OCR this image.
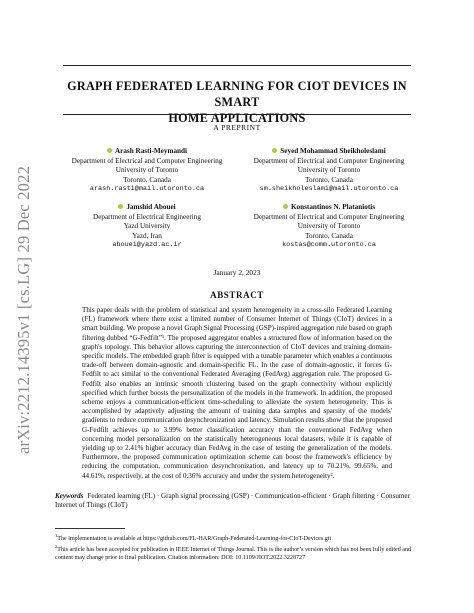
arXiv:2212.14395v1 [cs.LG] 29 Dec 2022
GRAPH FEDERATED LEARNING FOR CIOT DEVICES IN SMART
HOME APPLICATIONS
A PREPRINT
Arash Rasti-Meymandi
Department of Electrical and Computer Engineering
University of Toronto
Toronto, Canada
arash.rasti@mail.utoronto.ca
Seyed Mohammad Sheikholeslami
Department of Electrical and Computer Engineering
University of Toronto
Toronto, Canada
sm.sheikholeslami@mail.utoronto.ca
Jamshid Abouei
Department of Electrical Engineering
Yazd University
Yazd, Iran
abouei@yazd.ac.ir
Konstantinos N. Plataniotis
Department of Electrical and Computer Engineering
University of Toronto
Toronto, Canada
kostas@comm.utoronto.ca
January 2, 2023
ABSTRACT
This paper deals with the problem of statistical and system heterogeneity in a cross-silo Federated Learning (FL) framework where there exist a limited number of Consumer Internet of Things (CIoT) devices in a smart building. We propose a novel Graph Signal Processing (GSP)-inspired aggregation rule based on graph filtering dubbed “G-Fedfilt”¹. The proposed aggregator enables a structured flow of information based on the graph's topology. This behavior allows capturing the interconnection of CIoT devices and training domain-specific models. The embedded graph filter is equipped with a tunable parameter which enables a continuous trade-off between domain-agnostic and domain-specific FL. In the case of domain-agnostic, it forces G-Fedfilt to act similar to the conventional Federated Averaging (FedAvg) aggregation rule. The proposed G-Fedfilt also enables an intrinsic smooth clustering based on the graph connectivity without explicitly specified which further boosts the personalization of the models in the framework. In addition, the proposed scheme enjoys a communication-efficient time-scheduling to alleviate the system heterogeneity. This is accomplished by adaptively adjusting the amount of training data samples and sparsity of the models' gradients to reduce communication desynchronization and latency. Simulation results show that the proposed G-Fedfilt achieves up to 3.99% better classification accuracy than the conventional FedAvg when concerning model personalization on the statistically heterogeneous local datasets, while it is capable of yielding up to 2.41% higher accuracy than FedAvg in the case of testing the generalization of the models. Furthermore, the proposed communication optimization scheme can boost the framework's efficiency by reducing the computation, communication desynchronization, and latency up to 70.21%, 99.65%, and 44.61%, respectively, at the cost of 0.36% accuracy and under the system heterogeneity².
Keywords Federated learning (FL) · Graph signal processing (GSP) · Communication-efficient · Graph filtering · Consumer Internet of Things (CIoT)
$^1$The implementation is available at https://github.com/FL-HAR/Graph-Federated-Learning-for-CIoT-Devices.git
$^2$This article has been accepted for publication in IEEE Internet of Things Journal. This is the author’s version which has not been fully edited and content may change prior to final publication. Citation information: DOI: 10.1109/JIOT.2022.3228727
